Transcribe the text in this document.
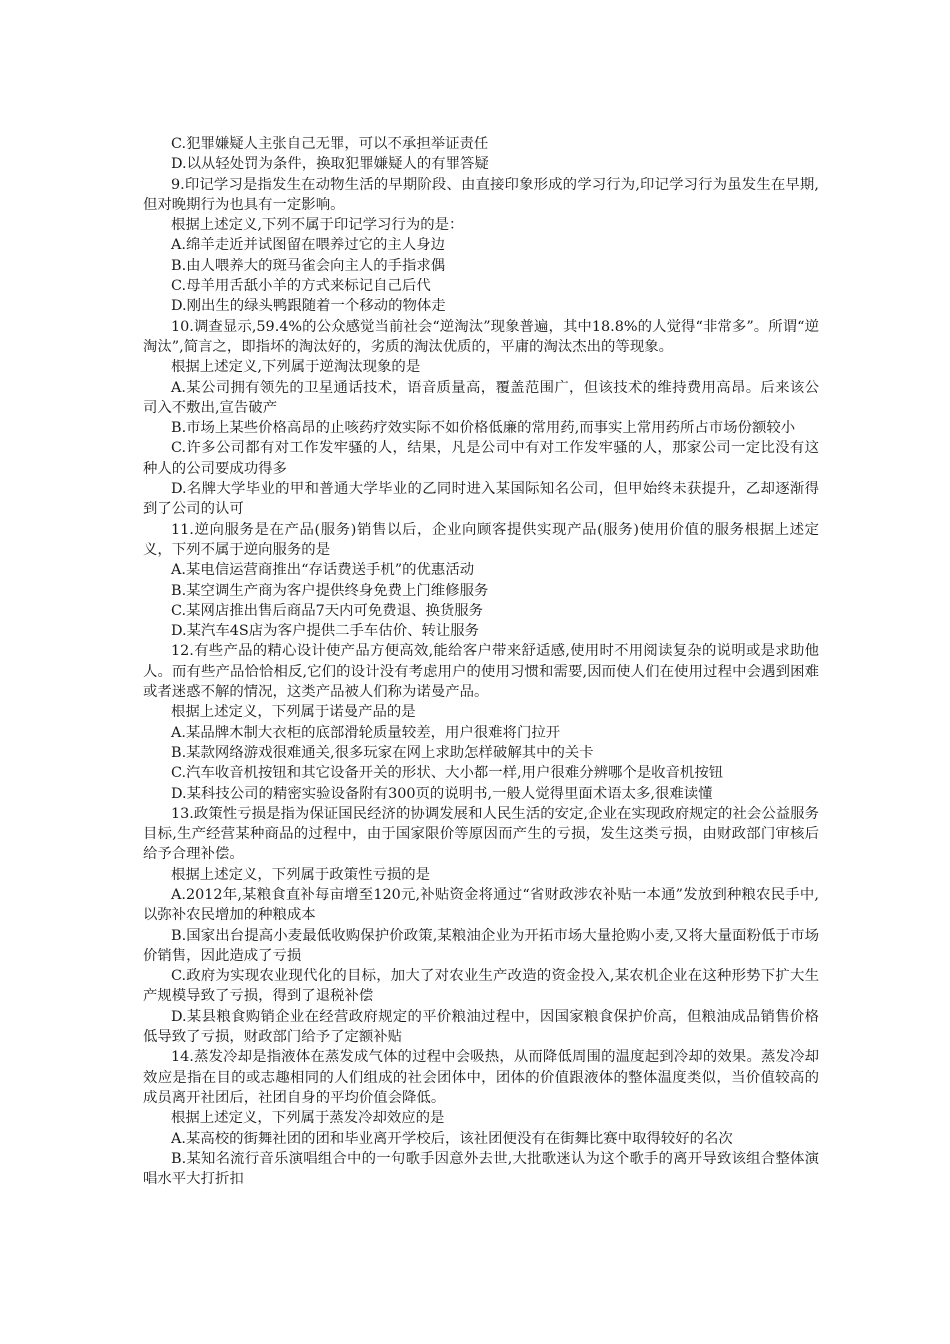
C.犯罪嫌疑人主张自己无罪，可以不承担举证责任

D.以从轻处罚为条件，换取犯罪嫌疑人的有罪答疑

9.印记学习是指发生在动物生活的早期阶段、由直接印象形成的学习行为,印记学习行为虽发生在早期,但对晚期行为也具有一定影响。

根据上述定义,下列不属于印记学习行为的是：

A.绵羊走近并试图留在喂养过它的主人身边

B.由人喂养大的斑马雀会向主人的手指求偶

C.母羊用舌舐小羊的方式来标记自己后代

D.刚出生的绿头鸭跟随着一个移动的物体走

10.调查显示,59.4%的公众感觉当前社会“逆淘汰”现象普遍，其中18.8%的人觉得“非常多”。所谓“逆淘汰”,简言之，即指坏的淘汰好的，劣质的淘汰优质的，平庸的淘汰杰出的等现象。

根据上述定义,下列属于逆淘汰现象的是

A.某公司拥有领先的卫星通话技术，语音质量高，覆盖范围广，但该技术的维持费用高昂。后来该公司入不敷出,宣告破产

B.市场上某些价格高昂的止咳药疗效实际不如价格低廉的常用药,而事实上常用药所占市场份额较小

C.许多公司都有对工作发牢骚的人，结果，凡是公司中有对工作发牢骚的人，那家公司一定比没有这种人的公司要成功得多

D.名牌大学毕业的甲和普通大学毕业的乙同时进入某国际知名公司，但甲始终未获提升，乙却逐渐得到了公司的认可

11.逆向服务是在产品(服务)销售以后，企业向顾客提供实现产品(服务)使用价值的服务根据上述定义，下列不属于逆向服务的是

A.某电信运营商推出“存话费送手机”的优惠活动

B.某空调生产商为客户提供终身免费上门维修服务

C.某网店推出售后商品7天内可免费退、换货服务

D.某汽车4S店为客户提供二手车估价、转让服务

12.有些产品的精心设计使产品方便高效,能给客户带来舒适感,使用时不用阅读复杂的说明或是求助他人。而有些产品恰恰相反,它们的设计没有考虑用户的使用习惯和需要,因而使人们在使用过程中会遇到困难或者迷惑不解的情况，这类产品被人们称为诺曼产品。

根据上述定义，下列属于诺曼产品的是

A.某品牌木制大衣柜的底部滑轮质量较差，用户很难将门拉开

B.某款网络游戏很难通关,很多玩家在网上求助怎样破解其中的关卡

C.汽车收音机按钮和其它设备开关的形状、大小都一样,用户很难分辨哪个是收音机按钮

D.某科技公司的精密实验设备附有300页的说明书,一般人觉得里面术语太多,很难读懂

13.政策性亏损是指为保证国民经济的协调发展和人民生活的安定,企业在实现政府规定的社会公益服务目标,生产经营某种商品的过程中，由于国家限价等原因而产生的亏损，发生这类亏损，由财政部门审核后给予合理补偿。

根据上述定义，下列属于政策性亏损的是

A.2012年,某粮食直补每亩增至120元,补贴资金将通过“省财政涉农补贴一本通”发放到种粮农民手中,以弥补农民增加的种粮成本

B.国家出台提高小麦最低收购保护价政策,某粮油企业为开拓市场大量抢购小麦,又将大量面粉低于市场价销售，因此造成了亏损

C.政府为实现农业现代化的目标，加大了对农业生产改造的资金投入,某农机企业在这种形势下扩大生产规模导致了亏损，得到了退税补偿

D.某县粮食购销企业在经营政府规定的平价粮油过程中，因国家粮食保护价高，但粮油成品销售价格低导致了亏损，财政部门给予了定额补贴

14.蒸发冷却是指液体在蒸发成气体的过程中会吸热，从而降低周围的温度起到冷却的效果。蒸发冷却效应是指在目的或志趣相同的人们组成的社会团体中，团体的价值跟液体的整体温度类似，当价值较高的成员离开社团后，社团自身的平均价值会降低。

根据上述定义，下列属于蒸发冷却效应的是

A.某高校的街舞社团的团和毕业离开学校后，该社团便没有在街舞比赛中取得较好的名次

B.某知名流行音乐演唱组合中的一句歌手因意外去世,大批歌迷认为这个歌手的离开导致该组合整体演唱水平大打折扣
